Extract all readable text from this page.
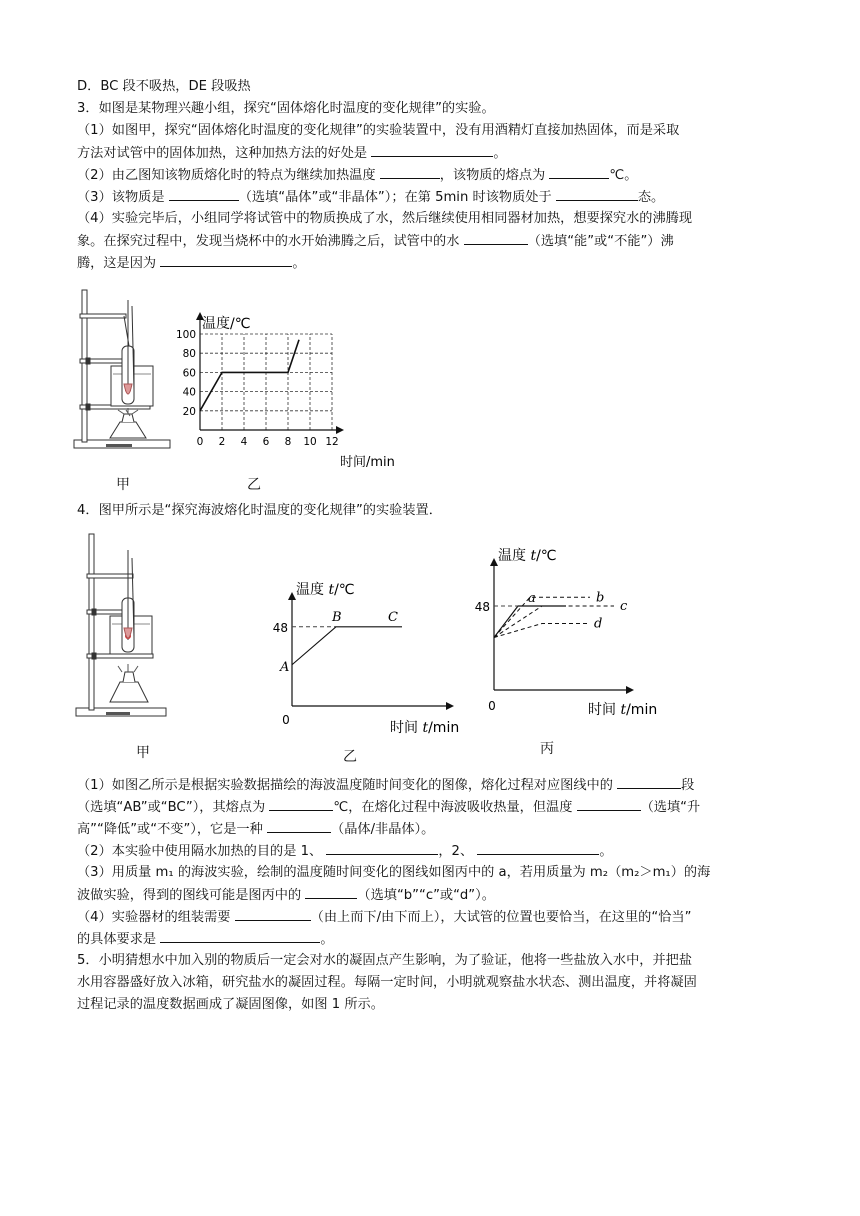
D．BC 段不吸热，DE 段吸热
3．如图是某物理兴趣小组，探究“固体熔化时温度的变化规律”的实验。
（1）如图甲，探究“固体熔化时温度的变化规律”的实验装置中，没有用酒精灯直接加热固体，而是采取
方法对试管中的固体加热，这种加热方法的好处是	。
（2）由乙图知该物质熔化时的特点为继续加热温度	，该物质的熔点为	℃。
（3）该物质是	（选填“晶体”或“非晶体”）；在第 5min 时该物质处于	态。
（4）实验完毕后，小组同学将试管中的物质换成了水，然后继续使用相同器材加热，想要探究水的沸腾现
象。在探究过程中，发现当烧杯中的水开始沸腾之后，试管中的水	（选填“能”或“不能”）沸
腾，这是因为	。
甲
0 2 4 6 8 10 12
20
40
60
80
100
温度/℃
时间/min
乙
4．图甲所示是“探究海波熔化时温度的变化规律”的实验装置．
甲
48
A
B	C
0
温度 t/℃
时间 t/min
乙
48
a	b
c
d
0
温度 t/℃
时间 t/min
丙
（1）如图乙所示是根据实验数据描绘的海波温度随时间变化的图像，熔化过程对应图线中的	段
（选填“AB”或“BC”），其熔点为	℃，在熔化过程中海波吸收热量，但温度	（选填“升
高”“降低”或“不变”），它是一种	（晶体/非晶体）。
（2）本实验中使用隔水加热的目的是 1、	，2、	。
（3）用质量 m₁ 的海波实验，绘制的温度随时间变化的图线如图丙中的 a，若用质量为 m₂（m₂＞m₁）的海
波做实验，得到的图线可能是图丙中的	（选填“b”“c”或“d”）。
（4）实验器材的组装需要	（由上而下/由下而上），大试管的位置也要恰当，在这里的“恰当”
的具体要求是	。
5．小明猜想水中加入别的物质后一定会对水的凝固点产生影响，为了验证，他将一些盐放入水中，并把盐
水用容器盛好放入冰箱，研究盐水的凝固过程。每隔一定时间，小明就观察盐水状态、测出温度，并将凝固
过程记录的温度数据画成了凝固图像，如图 1 所示。
